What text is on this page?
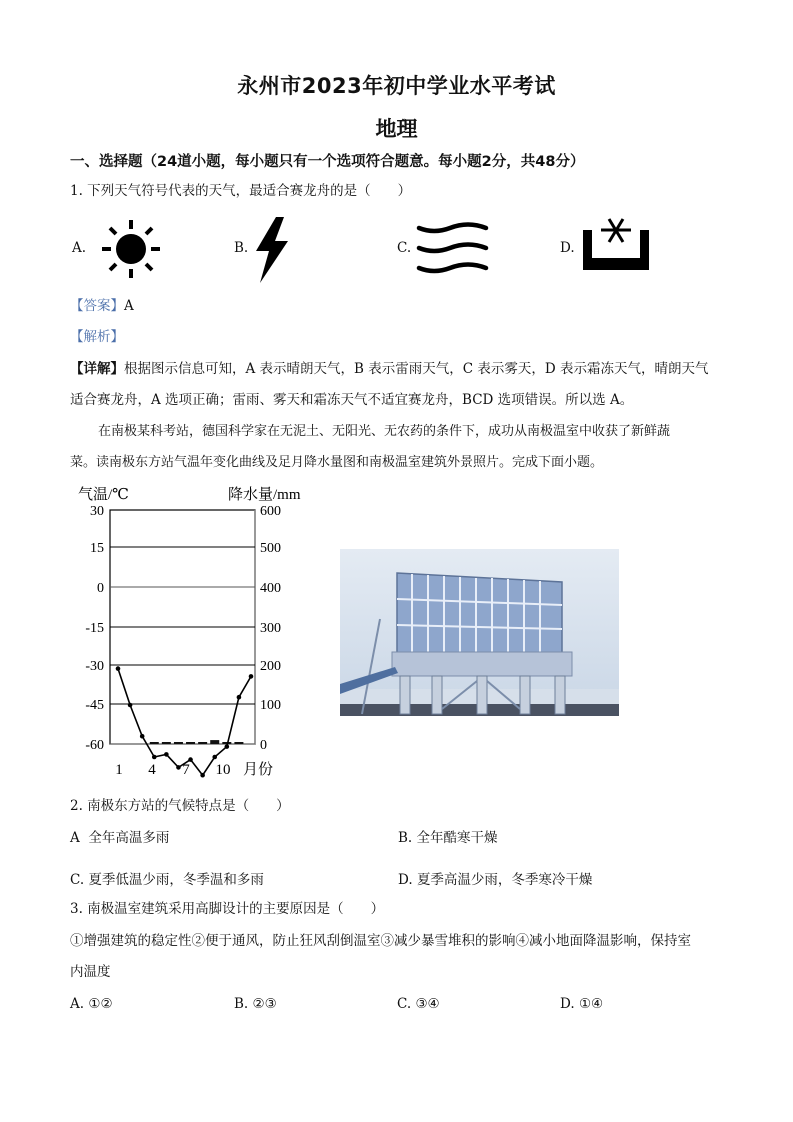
永州市2023年初中学业水平考试
地理
一、选择题（24道小题，每小题只有一个选项符合题意。每小题2分，共48分）
1. 下列天气符号代表的天气，最适合赛龙舟的是（　　）
A.	B.	C.	D.
【答案】A
【解析】
【详解】根据图示信息可知，A 表示晴朗天气，B 表示雷雨天气，C 表示雾天，D 表示霜冻天气，晴朗天气
适合赛龙舟，A 选项正确；雷雨、雾天和霜冻天气不适宜赛龙舟，BCD 选项错误。所以选 A。
在南极某科考站，德国科学家在无泥土、无阳光、无农药的条件下，成功从南极温室中收获了新鲜蔬
菜。读南极东方站气温年变化曲线及足月降水量图和南极温室建筑外景照片。完成下面小题。
气温/℃	降水量/mm
30
15
0
-15
-30
-45
-60
600
500
400
300
200
100
0
1 4 7 10 月份
2. 南极东方站的气候特点是（　　）
A 全年高温多雨	B. 全年酷寒干燥
C. 夏季低温少雨，冬季温和多雨	D. 夏季高温少雨，冬季寒冷干燥
3. 南极温室建筑采用高脚设计的主要原因是（　　）
①增强建筑的稳定性②便于通风，防止狂风刮倒温室③减少暴雪堆积的影响④减小地面降温影响，保持室
内温度
A. ①②	B. ②③	C. ③④	D. ①④
